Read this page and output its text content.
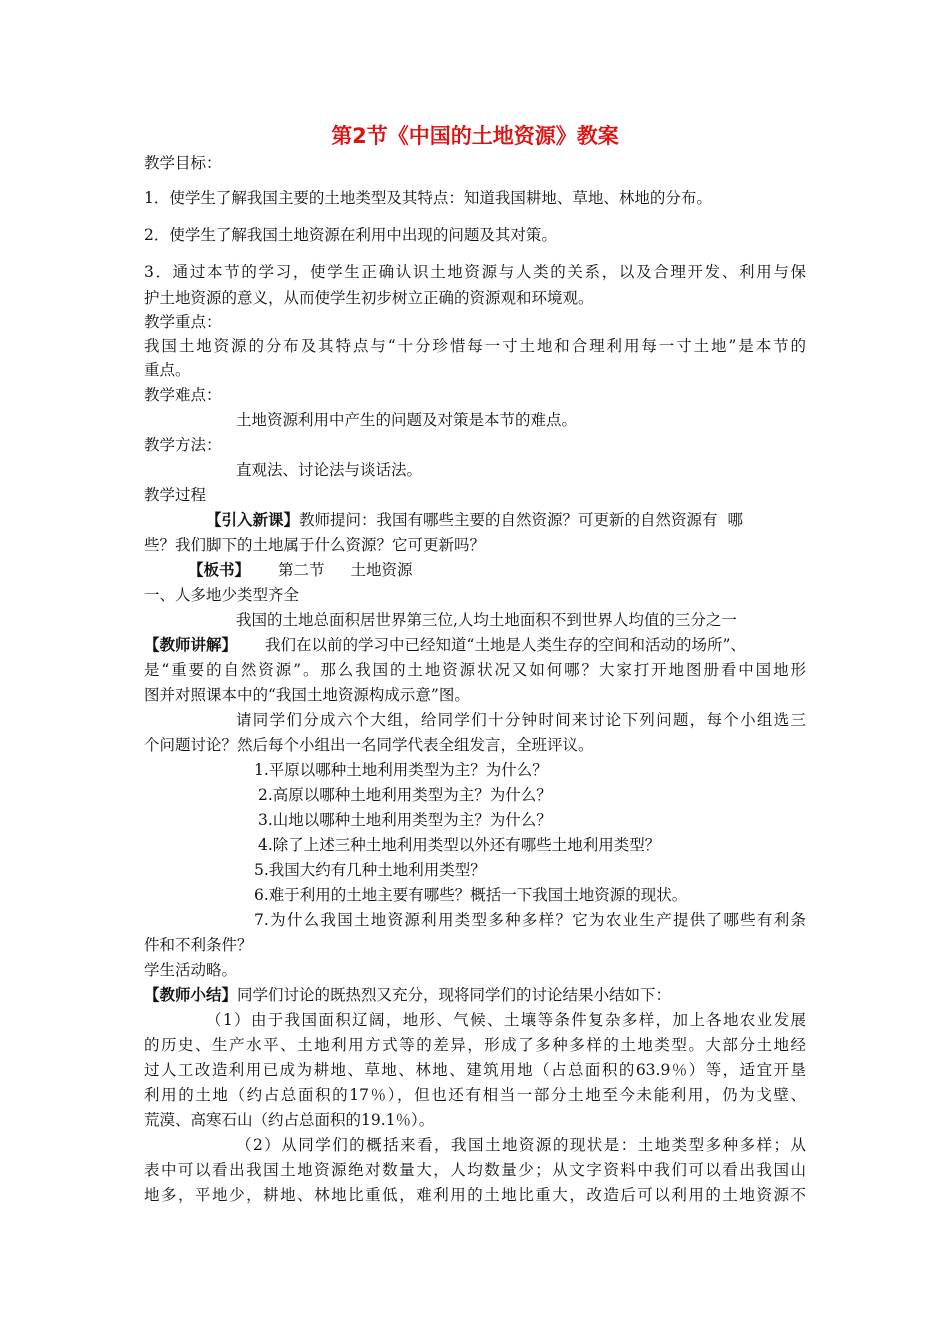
第2节《中国的土地资源》教案
教学目标：
1．使学生了解我国主要的土地类型及其特点：知道我国耕地、草地、林地的分布。
2．使学生了解我国土地资源在利用中出现的问题及其对策。
3．通过本节的学习，使学生正确认识土地资源与人类的关系，以及合理开发、利用与保
护土地资源的意义，从而使学生初步树立正确的资源观和环境观。
教学重点：
我国土地资源的分布及其特点与“十分珍惜每一寸土地和合理利用每一寸土地”是本节的
重点。
教学难点：
土地资源利用中产生的问题及对策是本节的难点。
教学方法：
直观法、讨论法与谈话法。
教学过程
【引入新课】教师提问：我国有哪些主要的自然资源？可更新的自然资源有 哪
些？我们脚下的土地属于什么资源？它可更新吗？
【板书】 第二节 土地资源
一、人多地少类型齐全
我国的土地总面积居世界第三位,人均土地面积不到世界人均值的三分之一
【教师讲解】 我们在以前的学习中已经知道“土地是人类生存的空间和活动的场所”、
是“重要的自然资源”。那么我国的土地资源状况又如何哪？大家打开地图册看中国地形
图并对照课本中的“我国土地资源构成示意”图。
请同学们分成六个大组，给同学们十分钟时间来讨论下列问题，每个小组选三
个问题讨论？然后每个小组出一名同学代表全组发言，全班评议。
1.平原以哪种土地利用类型为主？为什么？
2.高原以哪种土地利用类型为主？为什么？
3.山地以哪种土地利用类型为主？为什么？
4.除了上述三种土地利用类型以外还有哪些土地利用类型？
5.我国大约有几种土地利用类型？
6.难于利用的土地主要有哪些？概括一下我国土地资源的现状。
7.为什么我国土地资源利用类型多种多样？它为农业生产提供了哪些有利条
件和不利条件？
学生活动略。
【教师小结】同学们讨论的既热烈又充分，现将同学们的讨论结果小结如下：
（1）由于我国面积辽阔，地形、气候、土壤等条件复杂多样，加上各地农业发展
的历史、生产水平、土地利用方式等的差异，形成了多种多样的土地类型。大部分土地经
过人工改造利用已成为耕地、草地、林地、建筑用地（占总面积的63.9％）等，适宜开垦
利用的土地（约占总面积的17％），但也还有相当一部分土地至今未能利用，仍为戈壁、
荒漠、高寒石山（约占总面积的19.1％）。
（2）从同学们的概括来看，我国土地资源的现状是：土地类型多种多样；从
表中可以看出我国土地资源绝对数量大，人均数量少；从文字资料中我们可以看出我国山
地多，平地少，耕地、林地比重低，难利用的土地比重大，改造后可以利用的土地资源不
